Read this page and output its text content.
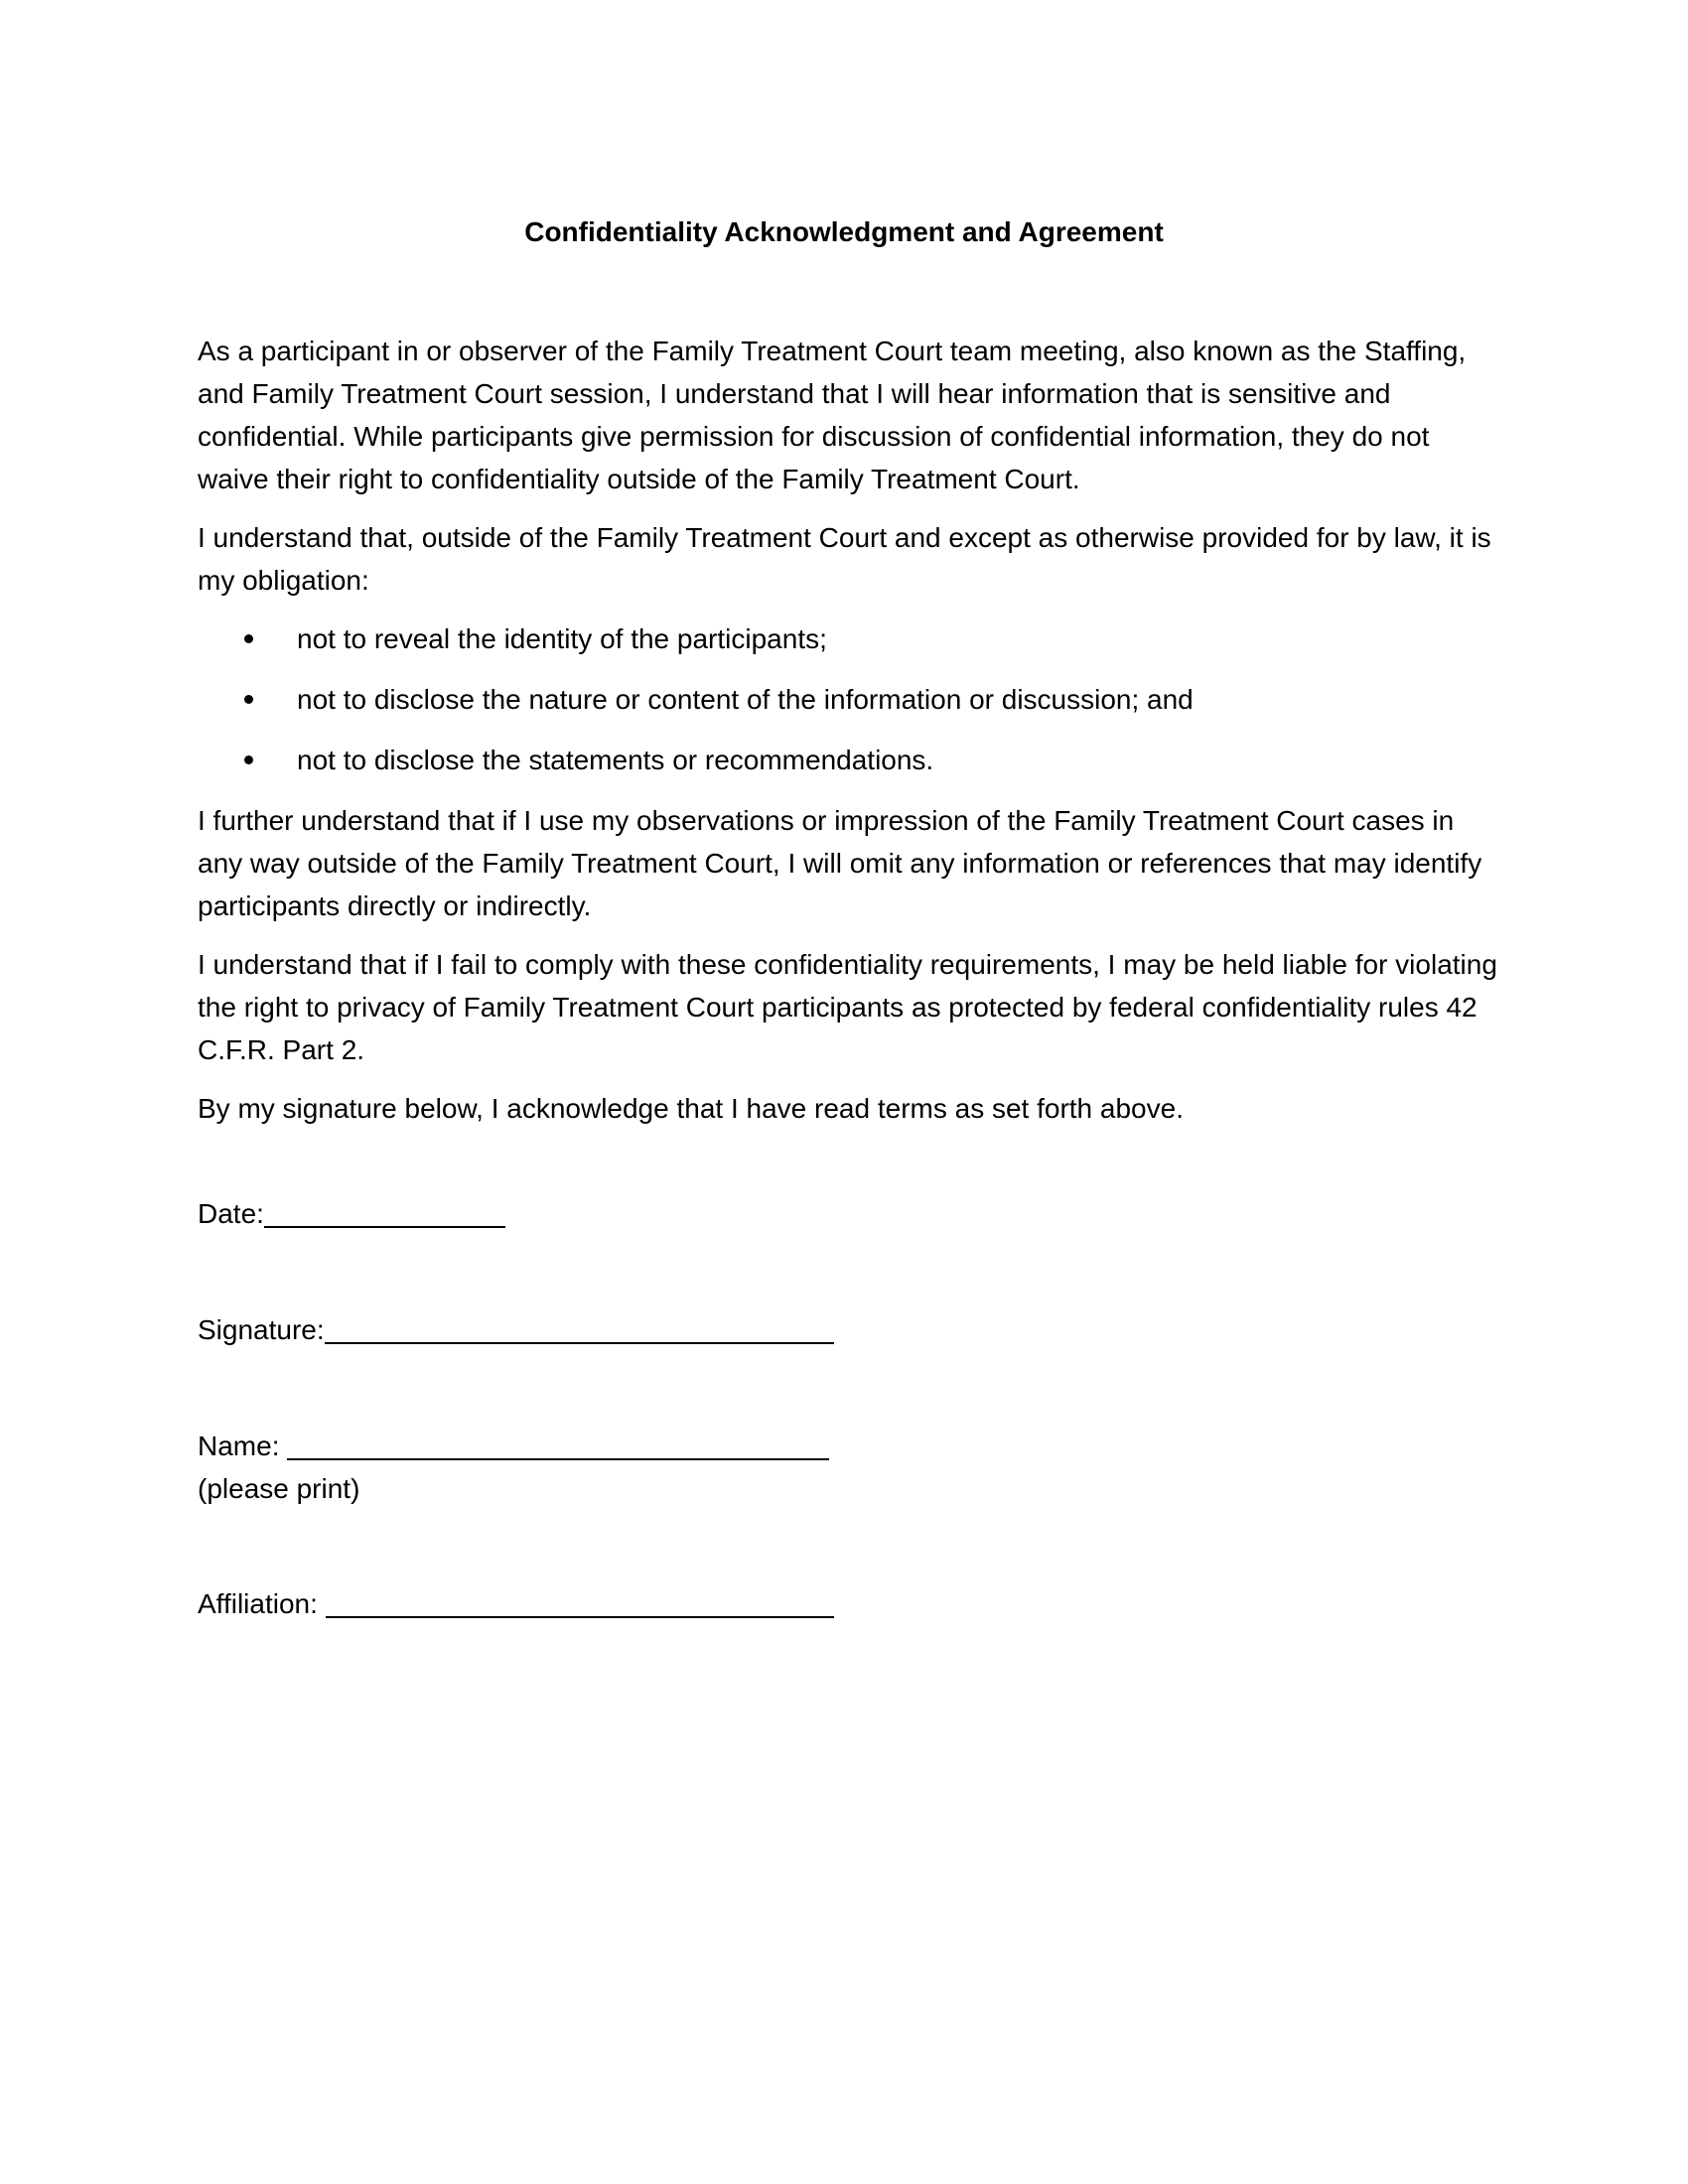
Confidentiality Acknowledgment and Agreement

As a participant in or observer of the Family Treatment Court team meeting, also known as the Staffing, and Family Treatment Court session, I understand that I will hear information that is sensitive and confidential. While participants give permission for discussion of confidential information, they do not waive their right to confidentiality outside of the Family Treatment Court.

I understand that, outside of the Family Treatment Court and except as otherwise provided for by law, it is my obligation:

not to reveal the identity of the participants;
not to disclose the nature or content of the information or discussion; and
not to disclose the statements or recommendations.

I further understand that if I use my observations or impression of the Family Treatment Court cases in any way outside of the Family Treatment Court, I will omit any information or references that may identify participants directly or indirectly.

I understand that if I fail to comply with these confidentiality requirements, I may be held liable for violating the right to privacy of Family Treatment Court participants as protected by federal confidentiality rules 42 C.F.R. Part 2.

By my signature below, I acknowledge that I have read terms as set forth above.

Date:
Signature:
Name:
(please print)
Affiliation:
